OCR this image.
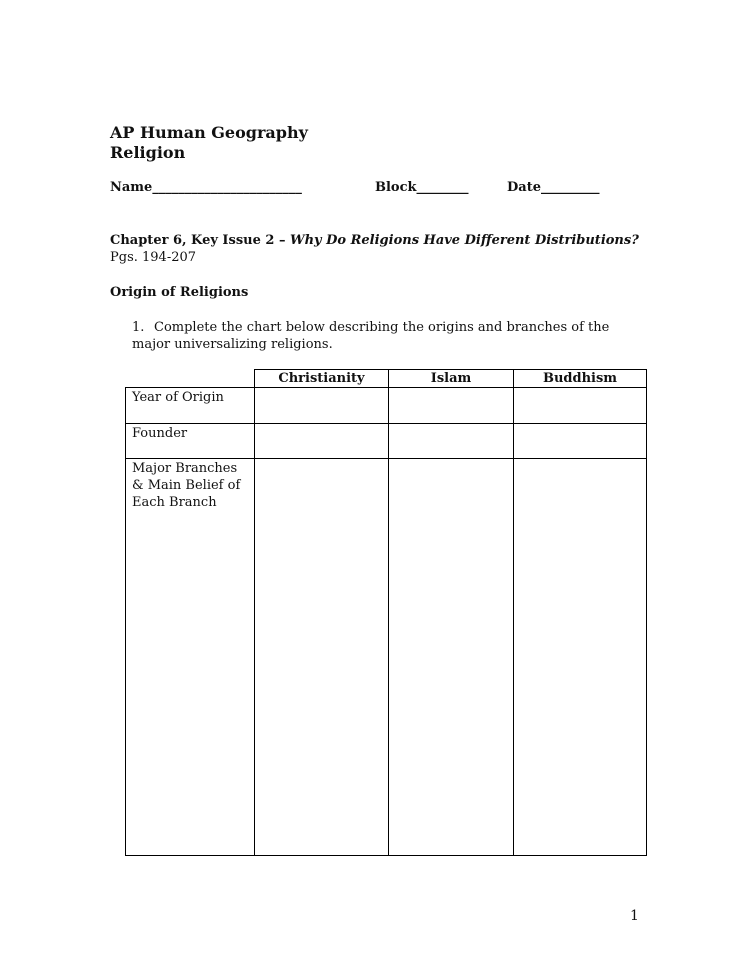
AP Human Geography
Religion
Name_______________________	Block________	Date_________
Chapter 6, Key Issue 2 – Why Do Religions Have Different Distributions?
Pgs. 194-207
Origin of Religions
1. Complete the chart below describing the origins and branches of the major universalizing religions.
	Christianity	Islam	Buddhism
Year of Origin			
Founder			
Major Branches & Main Belief of Each Branch			
1
